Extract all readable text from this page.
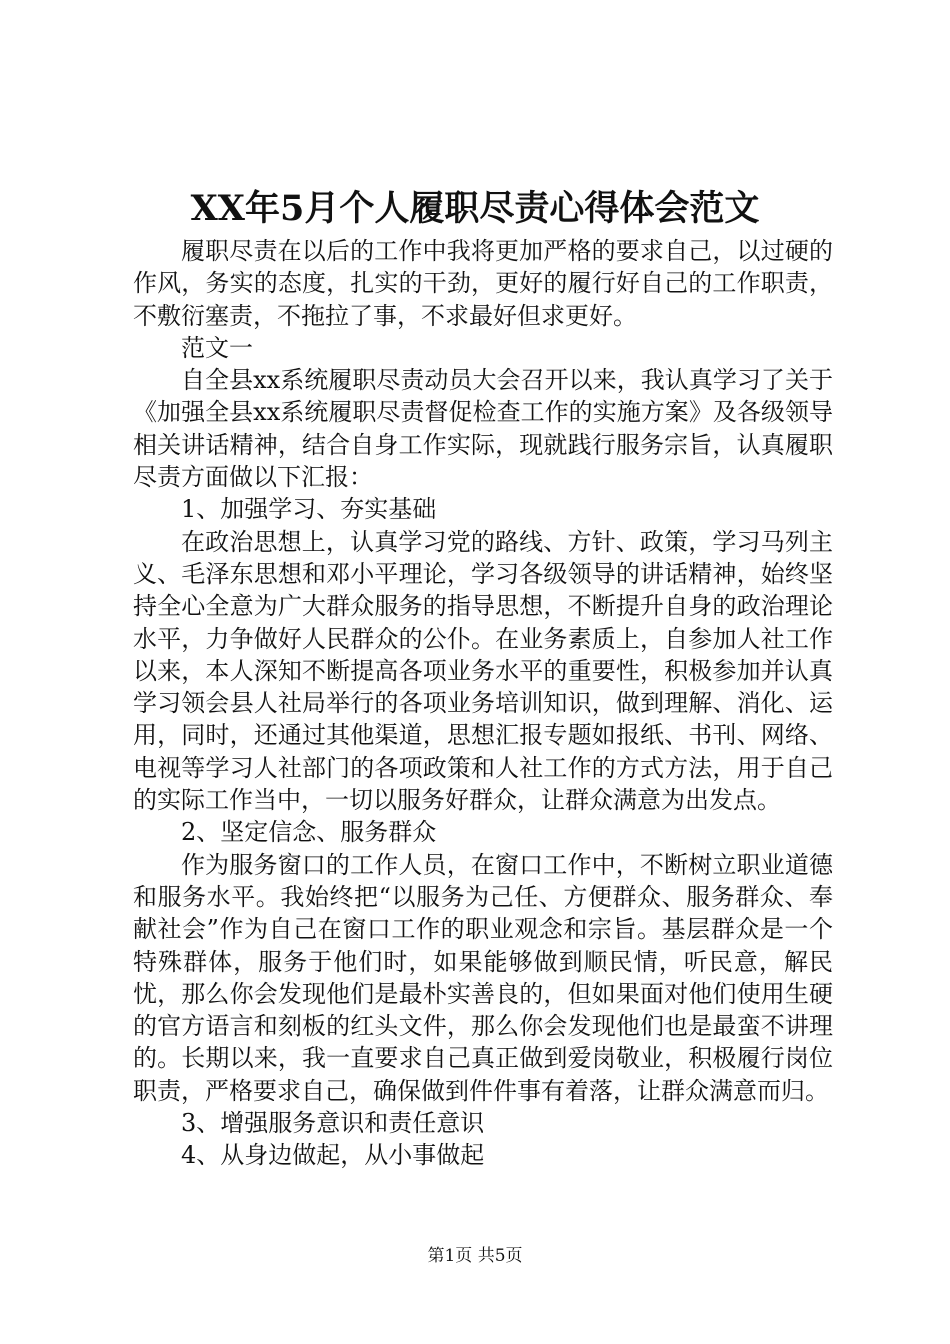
XX年5月个人履职尽责心得体会范文

履职尽责在以后的工作中我将更加严格的要求自己，以过硬的作风，务实的态度，扎实的干劲，更好的履行好自己的工作职责，不敷衍塞责，不拖拉了事，不求最好但求更好。

范文一

自全县xx系统履职尽责动员大会召开以来，我认真学习了关于《加强全县xx系统履职尽责督促检查工作的实施方案》及各级领导相关讲话精神，结合自身工作实际，现就践行服务宗旨，认真履职尽责方面做以下汇报：

1、加强学习、夯实基础

在政治思想上，认真学习党的路线、方针、政策，学习马列主义、毛泽东思想和邓小平理论，学习各级领导的讲话精神，始终坚持全心全意为广大群众服务的指导思想，不断提升自身的政治理论水平，力争做好人民群众的公仆。在业务素质上，自参加人社工作以来，本人深知不断提高各项业务水平的重要性，积极参加并认真学习领会县人社局举行的各项业务培训知识，做到理解、消化、运用，同时，还通过其他渠道，思想汇报专题如报纸、书刊、网络、电视等学习人社部门的各项政策和人社工作的方式方法，用于自己的实际工作当中，一切以服务好群众，让群众满意为出发点。

2、坚定信念、服务群众

作为服务窗口的工作人员，在窗口工作中，不断树立职业道德和服务水平。我始终把“以服务为己任、方便群众、服务群众、奉献社会”作为自己在窗口工作的职业观念和宗旨。基层群众是一个特殊群体，服务于他们时，如果能够做到顺民情，听民意，解民忧，那么你会发现他们是最朴实善良的，但如果面对他们使用生硬的官方语言和刻板的红头文件，那么你会发现他们也是最蛮不讲理的。长期以来，我一直要求自己真正做到爱岗敬业，积极履行岗位职责，严格要求自己，确保做到件件事有着落，让群众满意而归。

3、增强服务意识和责任意识

4、从身边做起，从小事做起

第1页 共5页
